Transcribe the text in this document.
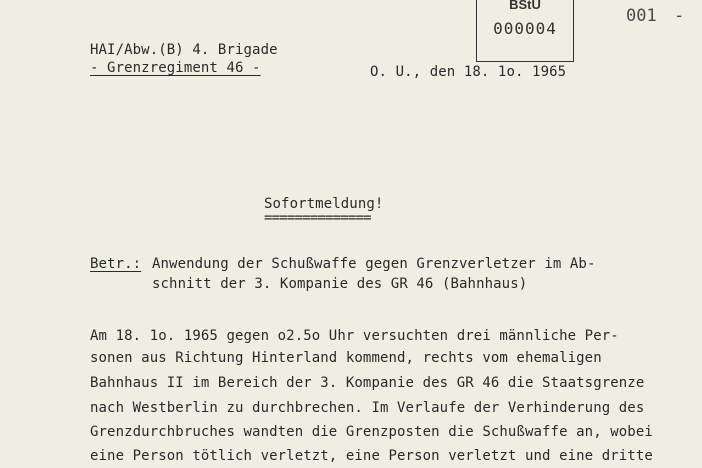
BStU
000004
001 -
HAI/Abw.(B) 4. Brigade
- Grenzregiment 46 -	O. U., den 18. 1o. 1965
Sofortmeldung!
==============
Betr.: Anwendung der Schußwaffe gegen Grenzverletzer im Ab-
schnitt der 3. Kompanie des GR 46 (Bahnhaus)
Am 18. 1o. 1965 gegen o2.5o Uhr versuchten drei männliche Per-
sonen aus Richtung Hinterland kommend, rechts vom ehemaligen
Bahnhaus II im Bereich der 3. Kompanie des GR 46 die Staatsgrenze
nach Westberlin zu durchbrechen. Im Verlaufe der Verhinderung des
Grenzdurchbruches wandten die Grenzposten die Schußwaffe an, wobei
eine Person tötlich verletzt, eine Person verletzt und eine dritte
